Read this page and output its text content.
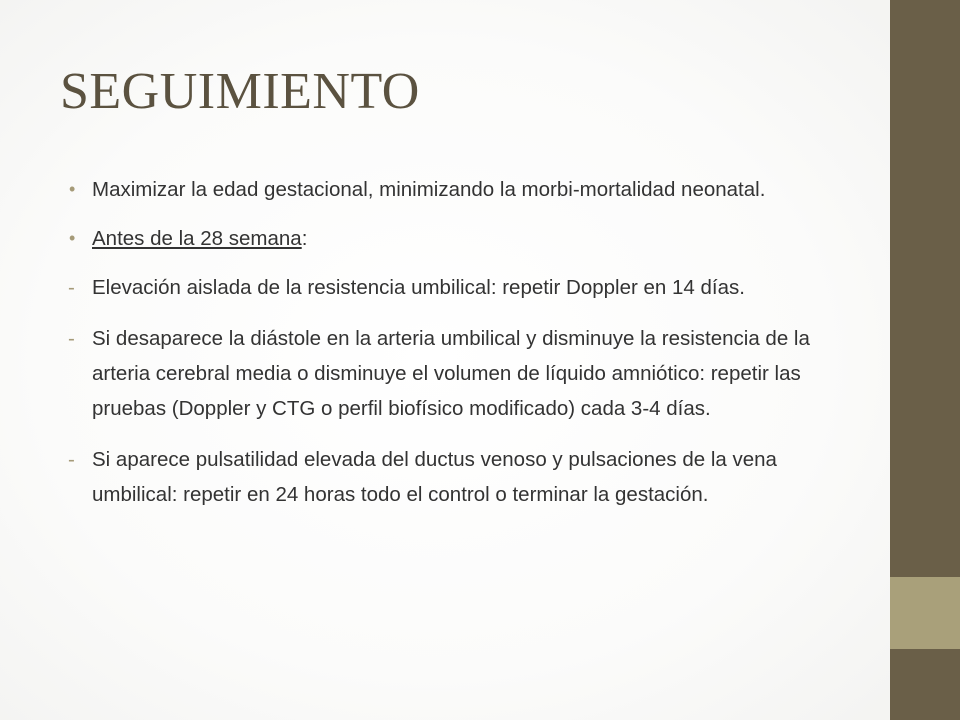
SEGUIMIENTO
• Maximizar la edad gestacional, minimizando la morbi-mortalidad neonatal.
• Antes de la 28 semana:
- Elevación aislada de la resistencia umbilical: repetir Doppler en 14 días.
- Si desaparece la diástole en la arteria umbilical y disminuye la resistencia de la arteria cerebral media o disminuye el volumen de líquido amniótico: repetir las pruebas (Doppler y CTG o perfil biofísico modificado) cada 3-4 días.
- Si aparece pulsatilidad elevada del ductus venoso y pulsaciones de la vena umbilical: repetir en 24 horas todo el control o terminar la gestación.
